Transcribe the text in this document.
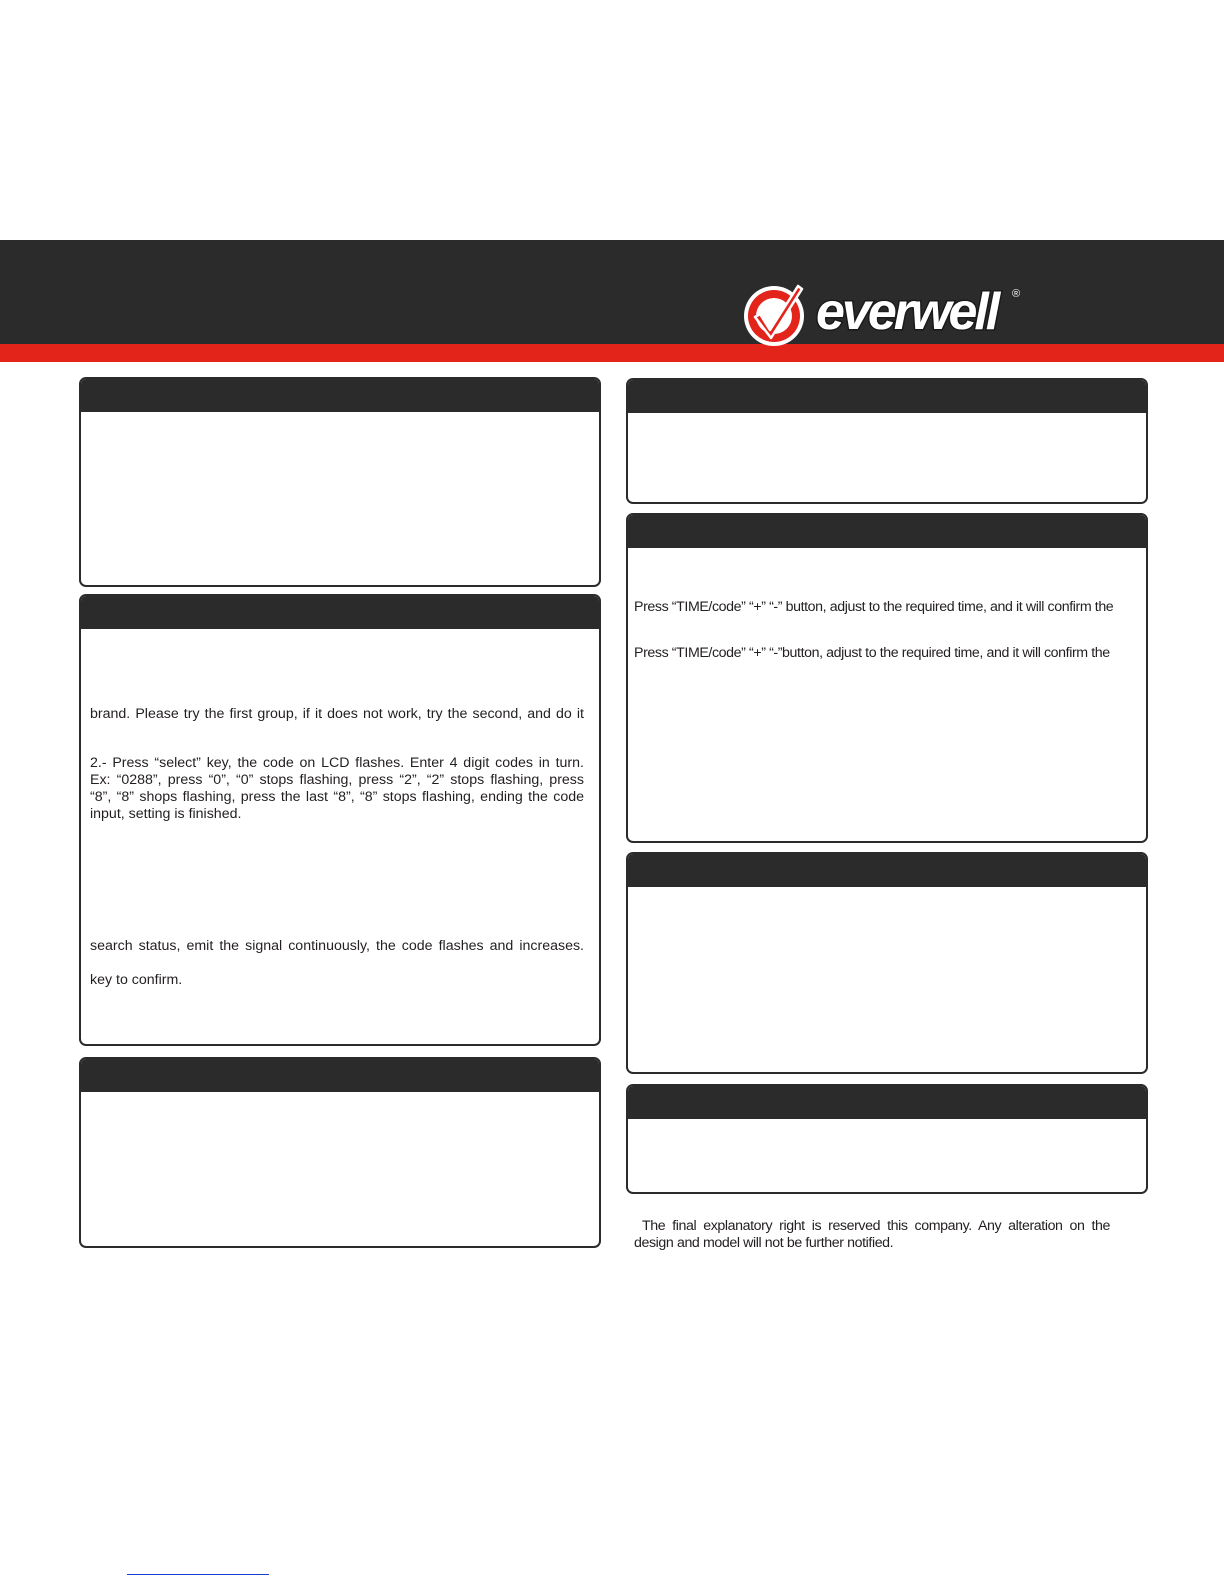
everwell ®
brand. Please try the first group, if it does not work, try the second, and do it
2.- Press “select” key, the code on LCD flashes. Enter 4 digit codes in turn.
Ex: “0288”, press “0”, “0” stops flashing, press “2”, “2” stops flashing, press
“8”, “8” shops flashing, press the last “8”, “8” stops flashing, ending the code
input, setting is finished.
search status, emit the signal continuously, the code flashes and increases.
key to confirm.
Press “TIME/code” “+” “-” button, adjust to the required time, and it will confirm the
Press “TIME/code” “+” “-”button, adjust to the required time, and it will confirm the
The final explanatory right is reserved this company. Any alteration on the
design and model will not be further notified.
